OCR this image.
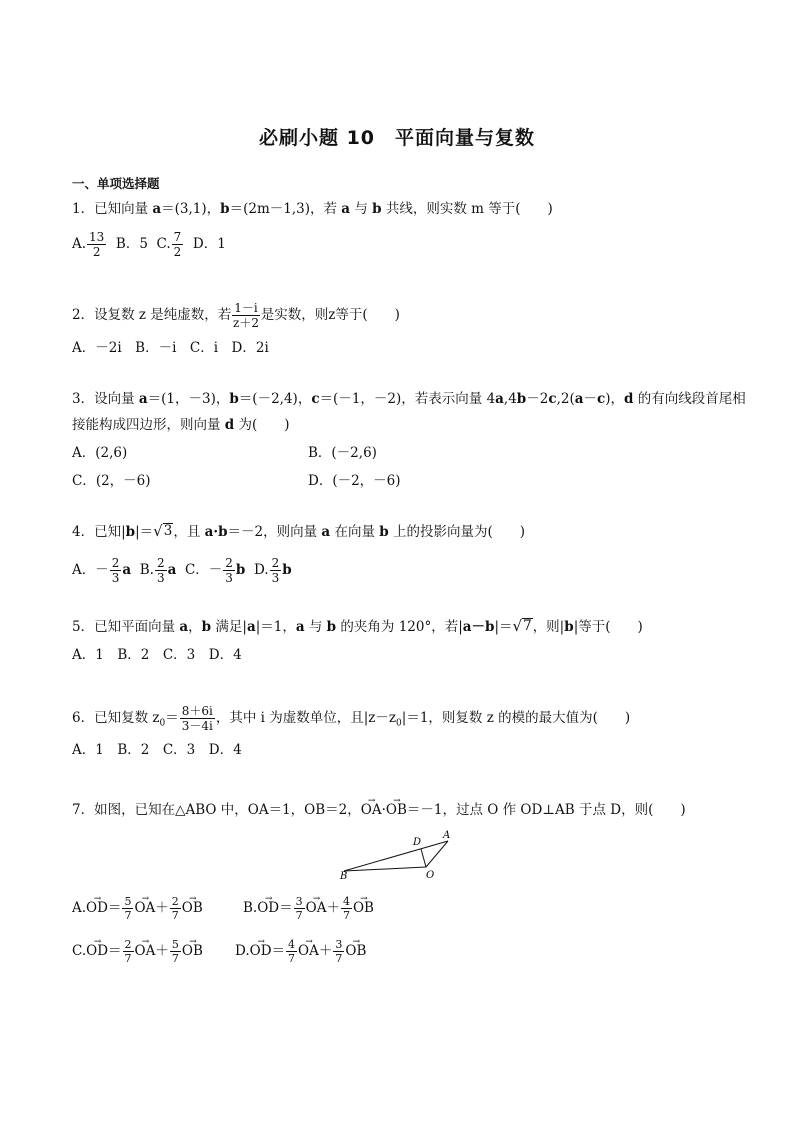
必刷小题 10　平面向量与复数
一、单项选择题
1．已知向量 a＝(3,1)，b＝(2m－1,3)，若 a 与 b 共线，则实数 m 等于(　　)
A. $\frac{13}{2}$ B．5 C. $\frac{7}{2}$ D．1
2．设复数 z 是纯虚数，若 $\frac{1-i}{z+2}$ 是实数，则z等于(　　)
A．－2i　B．－i　C．i　D．2i
3．设向量 a＝(1，－3)，b＝(－2,4)，c＝(－1，－2)，若表示向量 4a,4b－2c,2(a－c)，d 的有向线段首尾相
接能构成四边形，则向量 d 为(　　)
A．(2,6)	B．(－2,6)
C．(2，－6)	D．(－2，－6)
4．已知|b|＝ √ 3 ，且 a·b＝－2，则向量 a 在向量 b 上的投影向量为(　　)
A．－ $\frac{2}{3}$ a B. $\frac{2}{3}$ a C．－ $\frac{2}{3}$ b D. $\frac{2}{3}$ b
5．已知平面向量 a，b 满足|a|＝1，a 与 b 的夹角为 120°，若|a－b|＝ √ 7 ，则|b|等于(　　)
A．1　B．2　C．3　D．4
6．已知复数 $z_0= \frac{8+6i}{3-4i}$ ，其中 i 为虚数单位，且$|z-z_0|=1$，则复数 z 的模的最大值为(　　)
A．1　B．2　C．3　D．4
7．如图，已知在△ABO 中，OA＝1，OB＝2，→ OA·→ OB＝－1，过点 O 作 OD⊥AB 于点 D，则(　　)
A
B
D
O
$A.\to OD= \frac{5}{7}$
→ $OA+ \frac{2}{7}$
→ OB	$B.\to OD= \frac{3}{7}$
→ $OA+ \frac{4}{7}$
→ OB
$C.\to OD= \frac{2}{7}$
→ $OA+ \frac{5}{7}$
→ OB $D.\to OD= \frac{4}{7}$
→ $OA+ \frac{3}{7}$
→ OB
